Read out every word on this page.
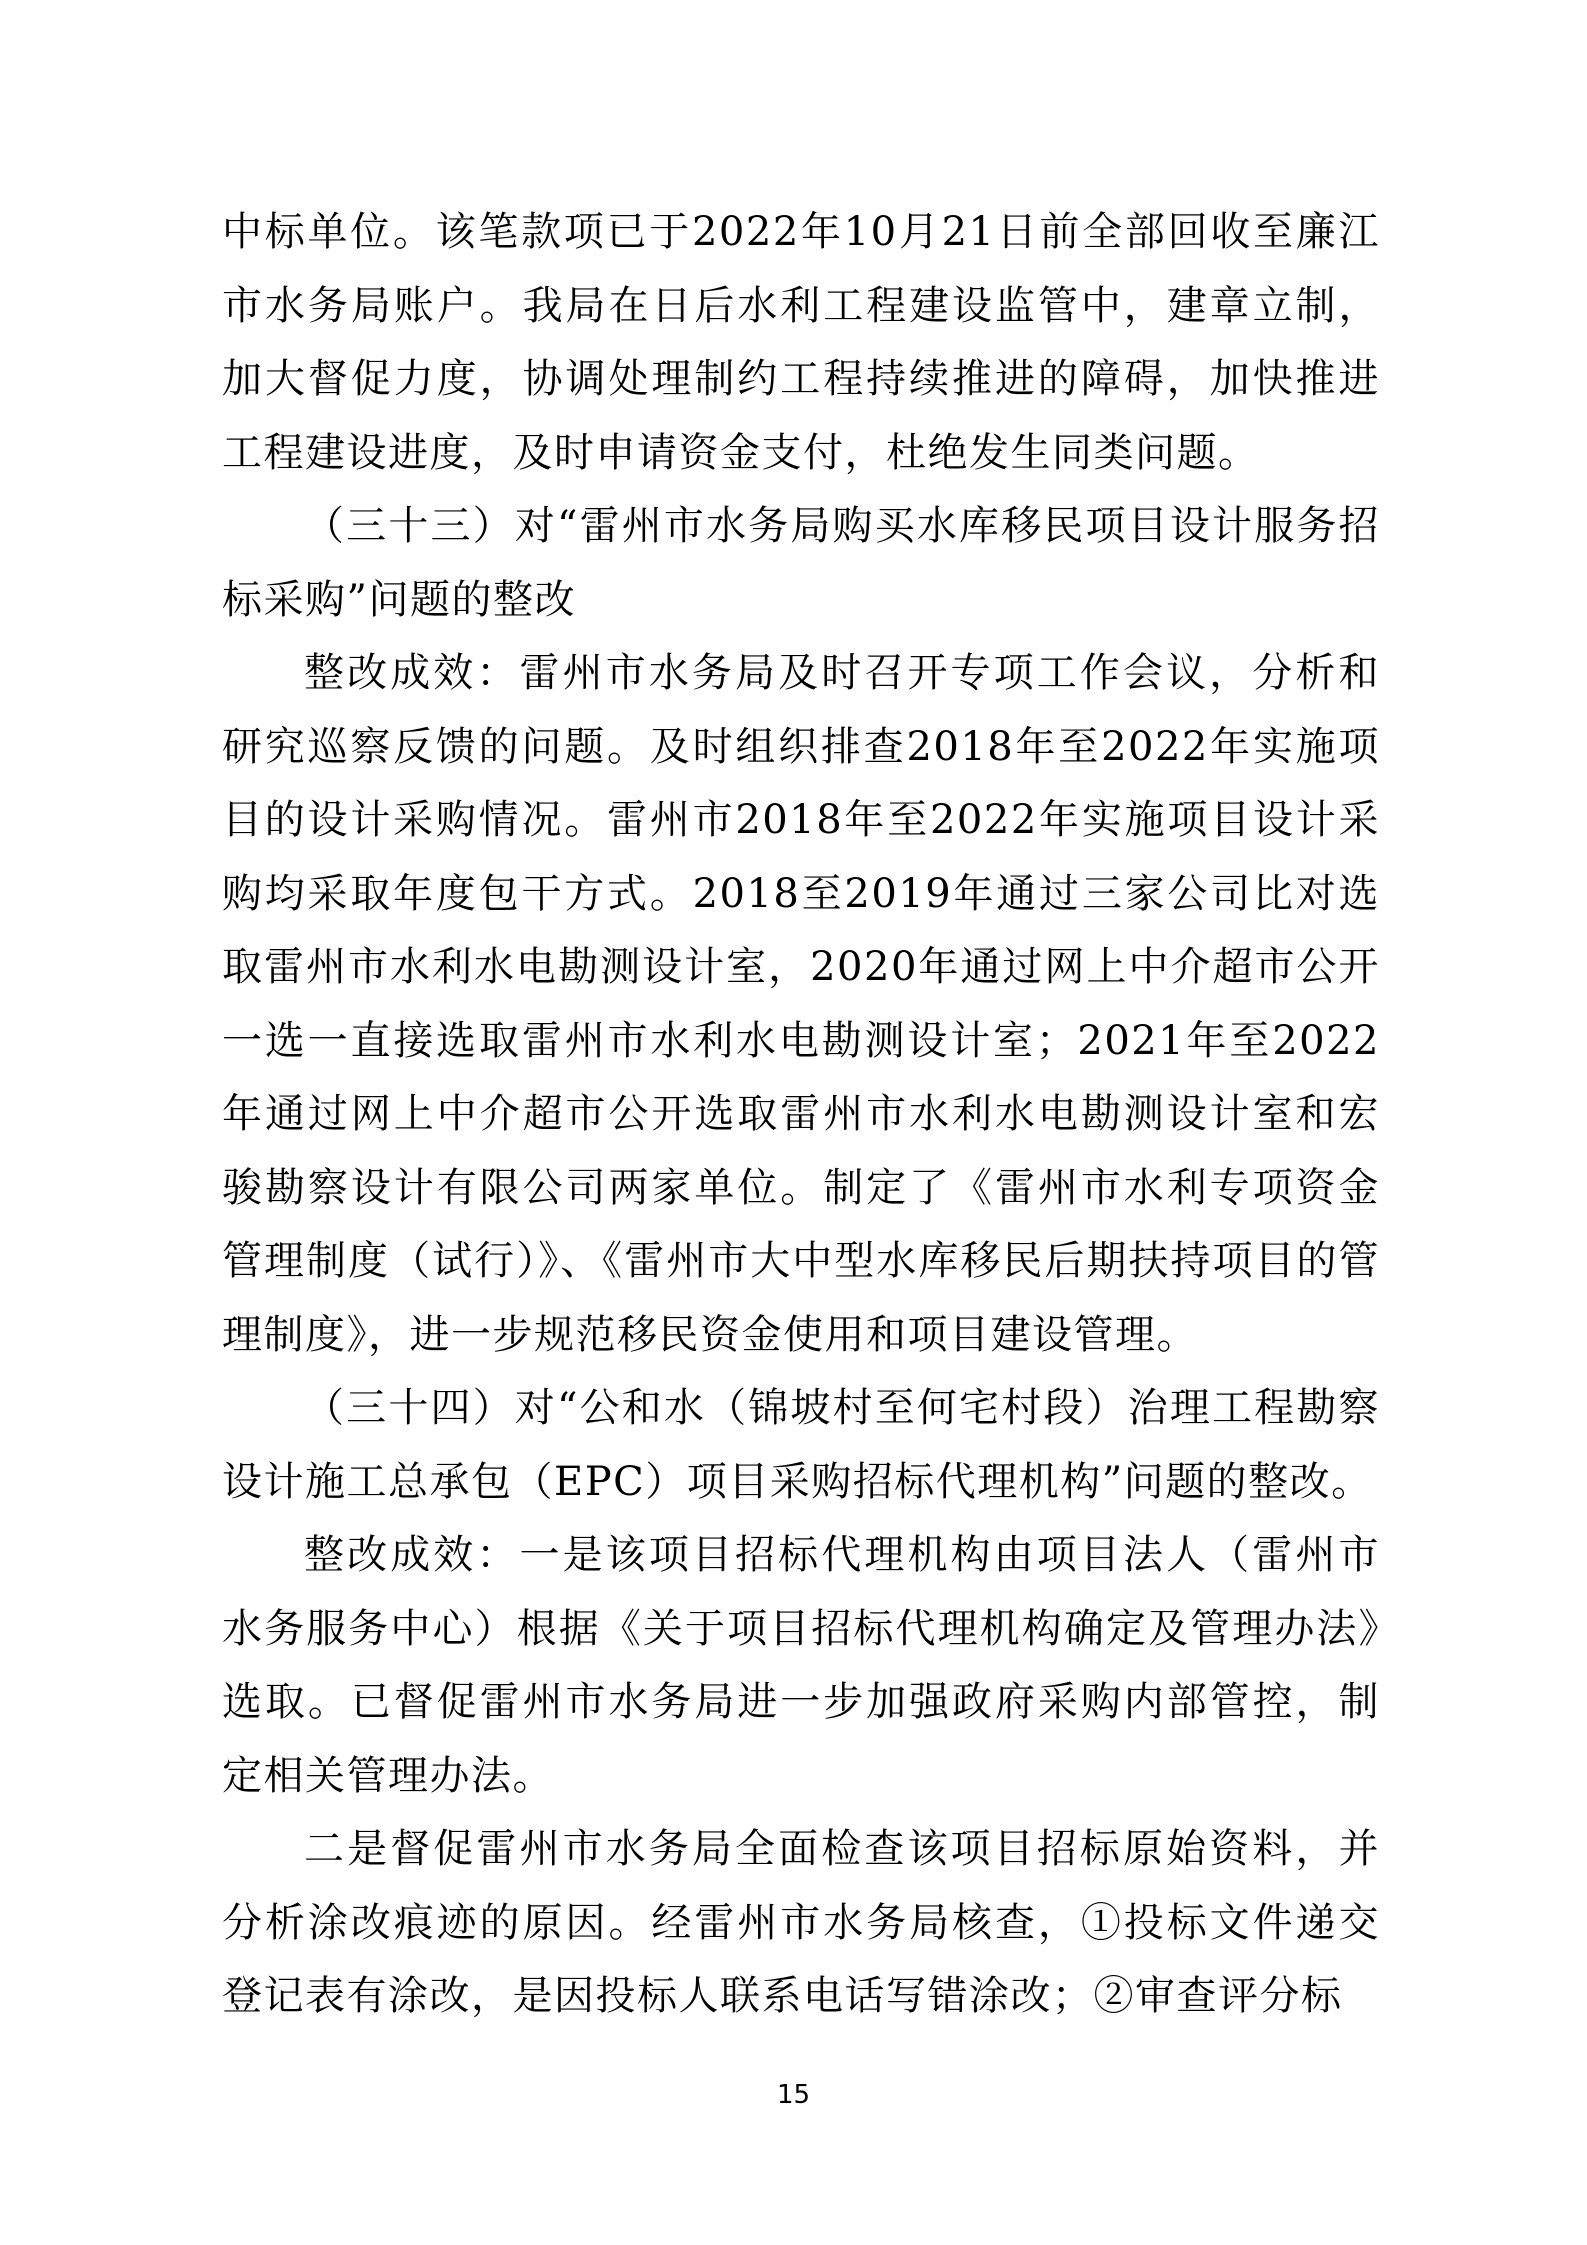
中标单位。该笔款项已于2022年10月21日前全部回收至廉江市水务局账户。我局在日后水利工程建设监管中，建章立制，加大督促力度，协调处理制约工程持续推进的障碍，加快推进工程建设进度，及时申请资金支付，杜绝发生同类问题。

（三十三）对“雷州市水务局购买水库移民项目设计服务招标采购”问题的整改

整改成效：雷州市水务局及时召开专项工作会议，分析和研究巡察反馈的问题。及时组织排查2018年至2022年实施项目的设计采购情况。雷州市2018年至2022年实施项目设计采购均采取年度包干方式。2018至2019年通过三家公司比对选取雷州市水利水电勘测设计室，2020年通过网上中介超市公开一选一直接选取雷州市水利水电勘测设计室；2021年至2022年通过网上中介超市公开选取雷州市水利水电勘测设计室和宏骏勘察设计有限公司两家单位。制定了《雷州市水利专项资金管理制度（试行）》、《雷州市大中型水库移民后期扶持项目的管理制度》，进一步规范移民资金使用和项目建设管理。

（三十四）对“公和水（锦坡村至何宅村段）治理工程勘察设计施工总承包（EPC）项目采购招标代理机构”问题的整改。

整改成效：一是该项目招标代理机构由项目法人（雷州市水务服务中心）根据《关于项目招标代理机构确定及管理办法》选取。已督促雷州市水务局进一步加强政府采购内部管控，制定相关管理办法。

二是督促雷州市水务局全面检查该项目招标原始资料，并分析涂改痕迹的原因。经雷州市水务局核查，①投标文件递交登记表有涂改，是因投标人联系电话写错涂改；②审查评分标

15
